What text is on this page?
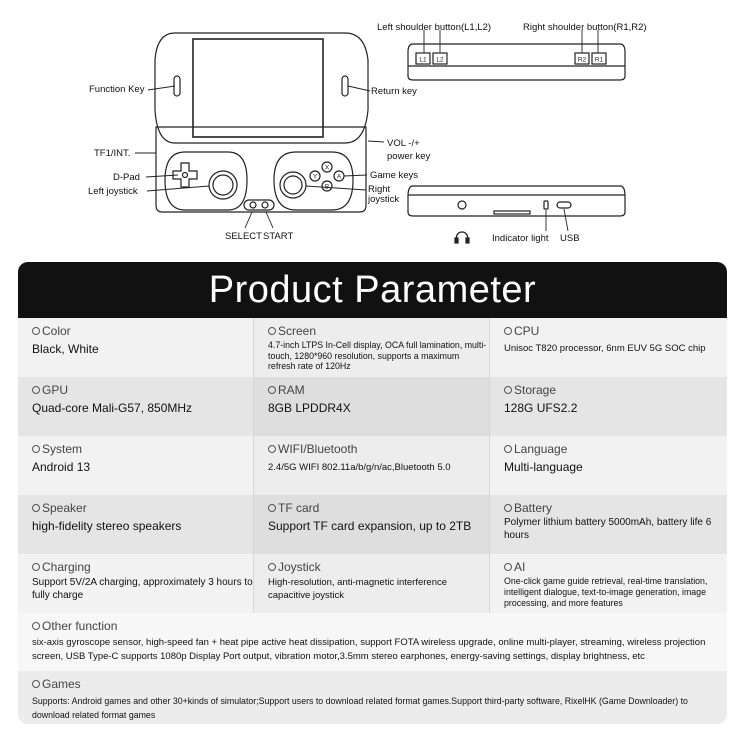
X
Y	A
B
L1 L2	R2 R1
Function Key	Return key
TF1/INT.
VOL -/+
power key
D-Pad
Left joystick
Game keys
Right
joystick
SELECT START
Left shoulder button(L1,L2)	Right shoulder button(R1,R2)
Indicator light USB
Product Parameter
Color
Black, White
Screen
4.7-inch LTPS In-Cell display, OCA full lamination, multi-touch, 1280*960 resolution, supports a maximum refresh rate of 120Hz
CPU
Unisoc T820 processor, 6nm EUV 5G SOC chip
GPU
Quad-core Mali-G57, 850MHz
RAM
8GB LPDDR4X
Storage
128G UFS2.2
System
Android 13
WIFI/Bluetooth
2.4/5G WIFI 802.11a/b/g/n/ac,Bluetooth 5.0
Language
Multi-language
Speaker
high-fidelity stereo speakers
TF card
Support TF card expansion, up to 2TB
Battery
Polymer lithium battery 5000mAh, battery life 6 hours
Charging
Support 5V/2A charging, approximately 3 hours to fully charge
Joystick
High-resolution, anti-magnetic interference capacitive joystick
AI
One-click game guide retrieval, real-time translation, intelligent dialogue, text-to-image generation, image processing, and more features
Other function
six-axis gyroscope sensor, high-speed fan + heat pipe active heat dissipation, support FOTA wireless upgrade, online multi-player, streaming, wireless projection screen, USB Type-C supports 1080p Display Port output, vibration motor,3.5mm stereo earphones, energy-saving settings, display brightness, etc
Games
Supports: Android games and other 30+kinds of simulator;Support users to download related format games.Support third-party software, RixelHK (Game Downloader) to download related format games
